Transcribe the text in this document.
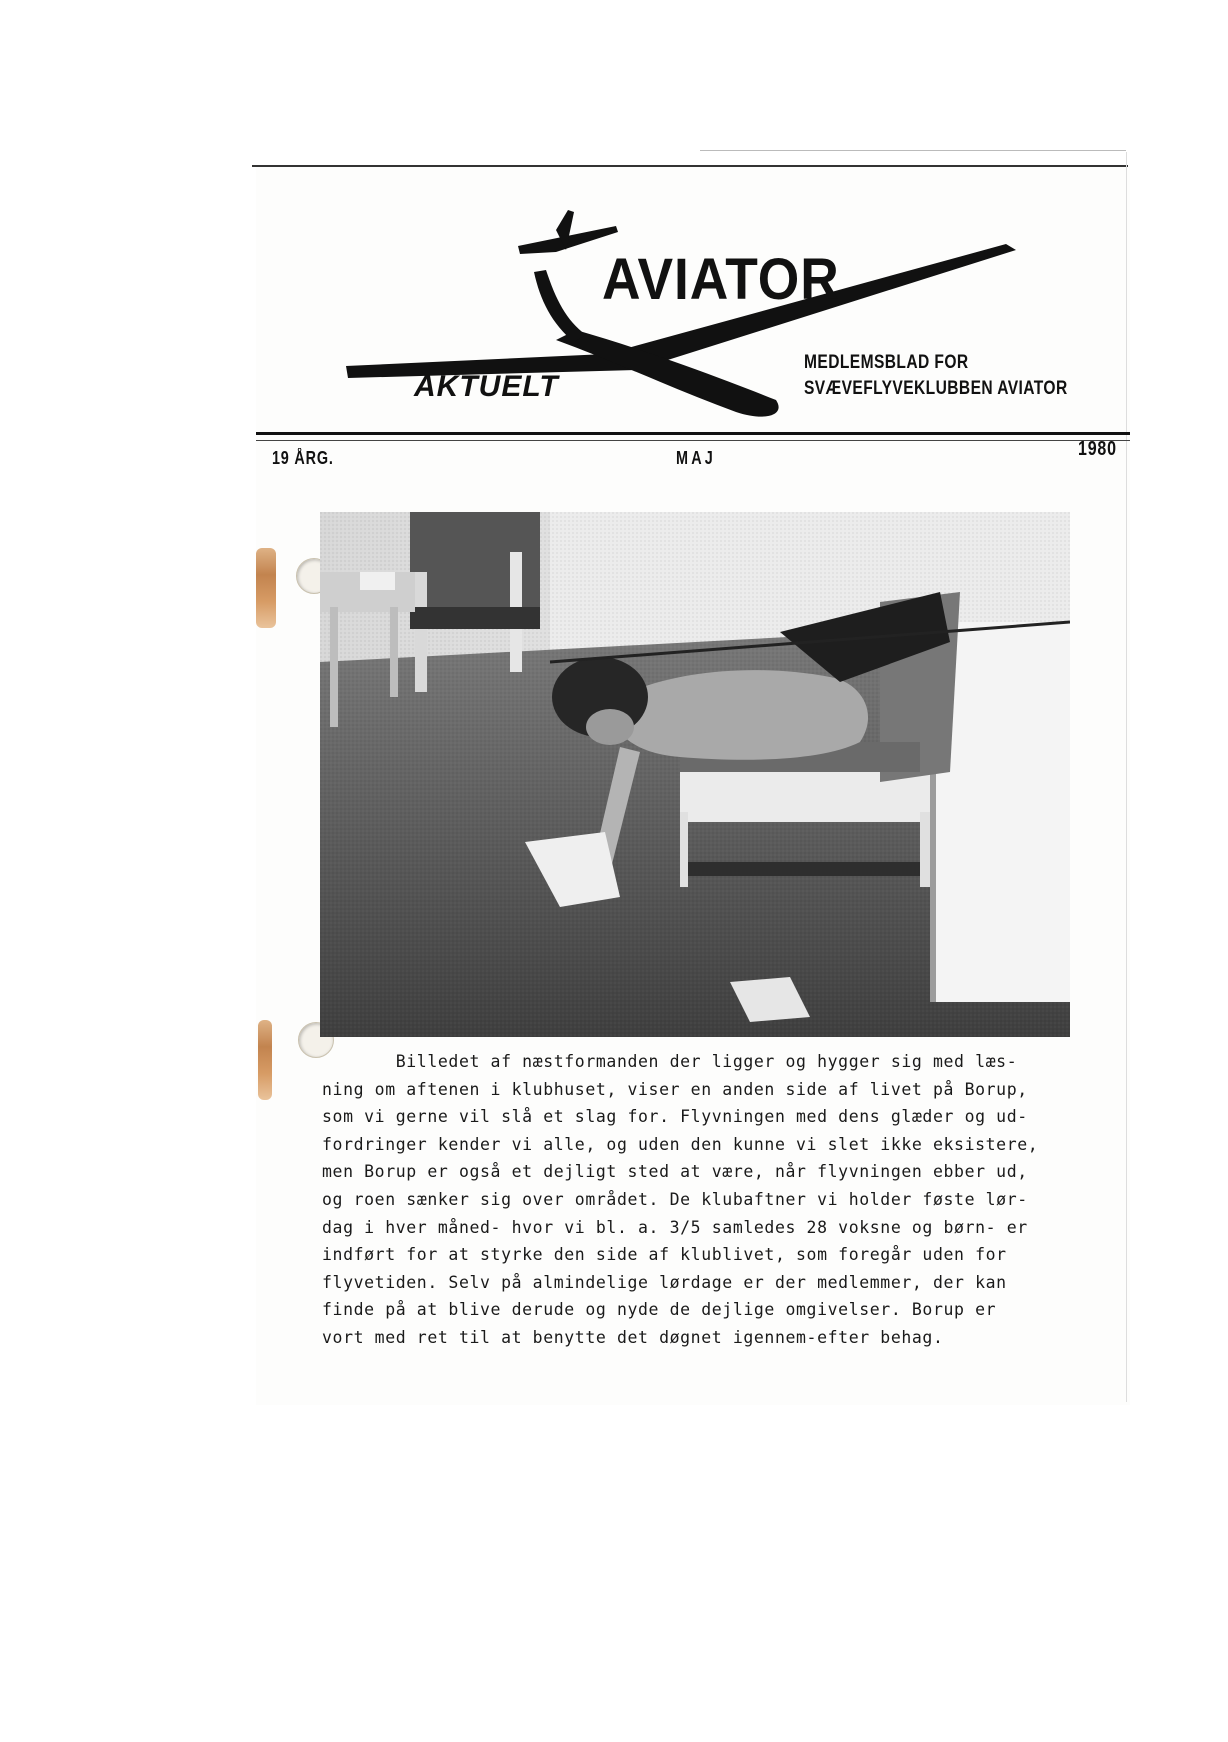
AVIATOR
AKTUELT
MEDLEMSBLAD FOR
SVÆVEFLYVEKLUBBEN AVIATOR
19 ÅRG.	MAJ	1980
Billedet af næstformanden der ligger og hygger sig med læs-
ning om aftenen i klubhuset, viser en anden side af livet på Borup,
som vi gerne vil slå et slag for. Flyvningen med dens glæder og ud-
fordringer kender vi alle, og uden den kunne vi slet ikke eksistere,
men Borup er også et dejligt sted at være, når flyvningen ebber ud,
og roen sænker sig over området. De klubaftner vi holder føste lør-
dag i hver måned- hvor vi bl. a. 3/5 samledes 28 voksne og børn- er
indført for at styrke den side af klublivet, som foregår uden for
flyvetiden. Selv på almindelige lørdage er der medlemmer, der kan
finde på at blive derude og nyde de dejlige omgivelser. Borup er
vort med ret til at benytte det døgnet igennem-efter behag.
